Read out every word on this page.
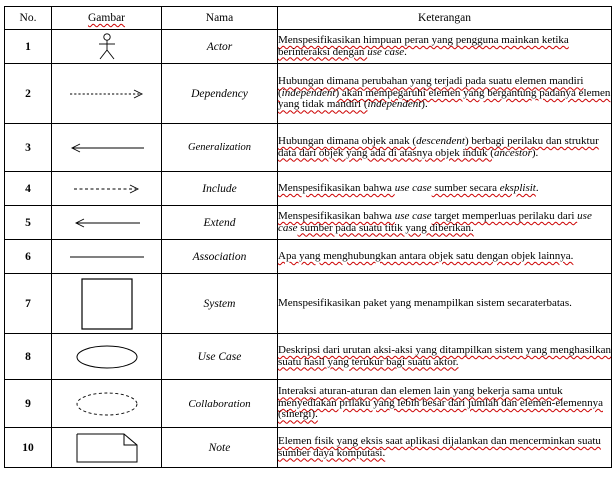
No.	Gambar	Nama	Keterangan
1		Actor	Menspesifikasikan himpuan peran yang pengguna mainkan ketika berinteraksi dengan use case.
2		Dependency	Hubungan dimana perubahan yang terjadi pada suatu elemen mandiri (independent) akan mempegaruhi elemen yang bergantung padanya elemen yang tidak mandiri (independent).
3		Generalization	Hubungan dimana objek anak (descendent) berbagi perilaku dan struktur data dari objek yang ada di atasnya objek induk (ancestor).
4		Include	Menspesifikasikan bahwa use case sumber secara eksplisit.
5		Extend	Menspesifikasikan bahwa use case target memperluas perilaku dari use case sumber pada suatu titik yang diberikan.
6		Association	Apa yang menghubungkan antara objek satu dengan objek lainnya.
7		System	Menspesifikasikan paket yang menampilkan sistem secaraterbatas.
8		Use Case	Deskripsi dari urutan aksi-aksi yang ditampilkan sistem yang menghasilkan suatu hasil yang terukur bagi suatu aktor.
9		Collaboration	Interaksi aturan-aturan dan elemen lain yang bekerja sama untuk menyediakan prilaku yang lebih besar dari jumlah dan elemen-elemennya (sinergi).
10		Note	Elemen fisik yang eksis saat aplikasi dijalankan dan mencerminkan suatu sumber daya komputasi.
